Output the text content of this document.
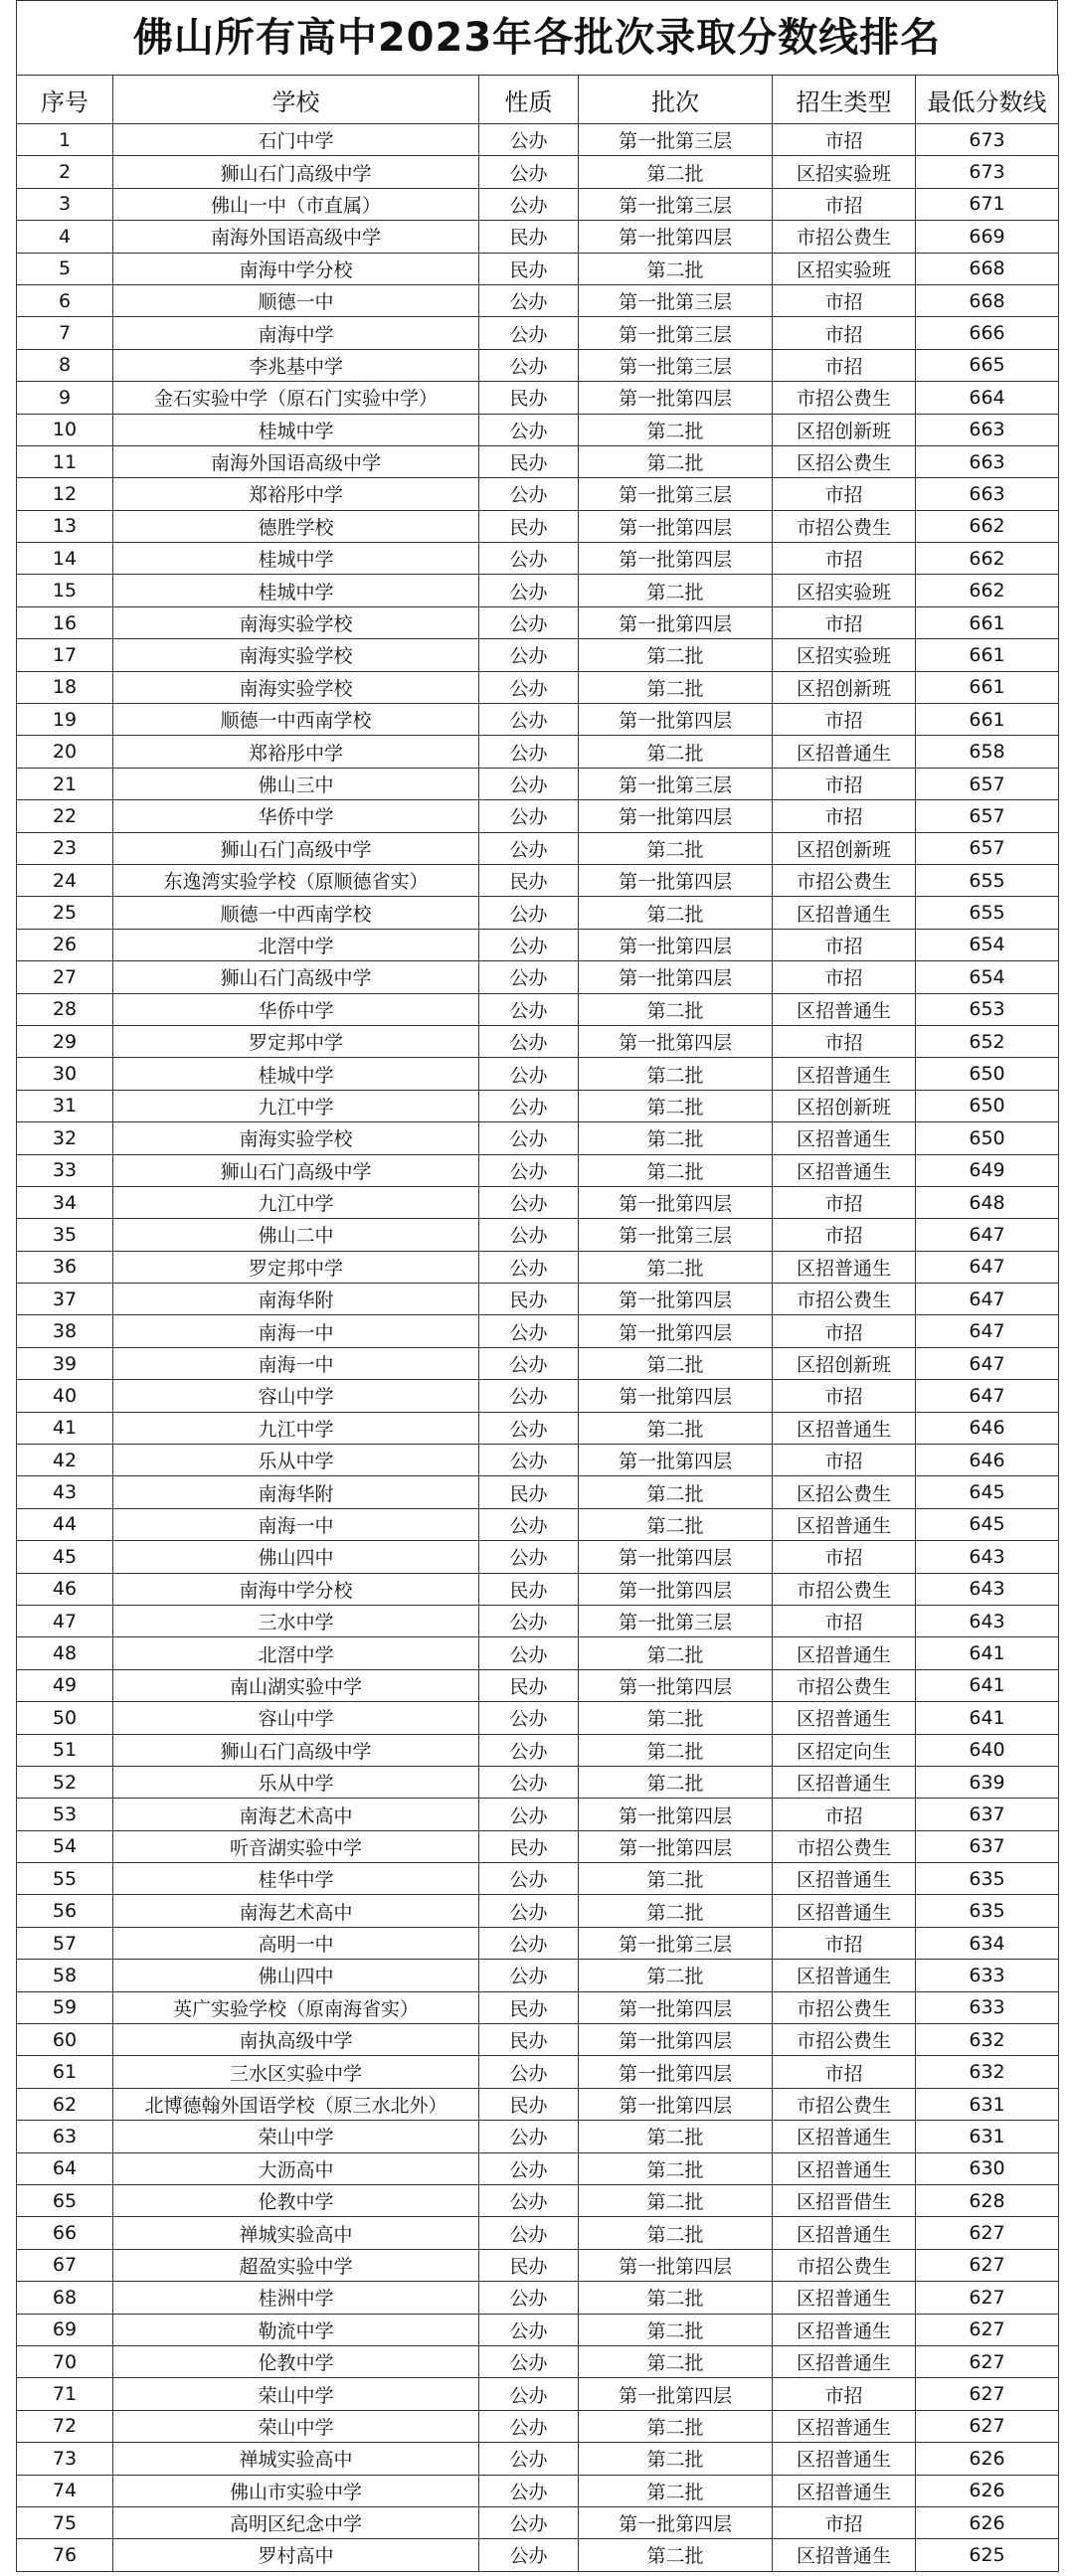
佛山所有高中2023年各批次录取分数线排名
序号	学校	性质	批次	招生类型	最低分数线
1	石门中学	公办	第一批第三层	市招	673
2	狮山石门高级中学	公办	第二批	区招实验班	673
3	佛山一中（市直属）	公办	第一批第三层	市招	671
4	南海外国语高级中学	民办	第一批第四层	市招公费生	669
5	南海中学分校	民办	第二批	区招实验班	668
6	顺德一中	公办	第一批第三层	市招	668
7	南海中学	公办	第一批第三层	市招	666
8	李兆基中学	公办	第一批第三层	市招	665
9	金石实验中学（原石门实验中学）	民办	第一批第四层	市招公费生	664
10	桂城中学	公办	第二批	区招创新班	663
11	南海外国语高级中学	民办	第二批	区招公费生	663
12	郑裕彤中学	公办	第一批第三层	市招	663
13	德胜学校	民办	第一批第四层	市招公费生	662
14	桂城中学	公办	第一批第四层	市招	662
15	桂城中学	公办	第二批	区招实验班	662
16	南海实验学校	公办	第一批第四层	市招	661
17	南海实验学校	公办	第二批	区招实验班	661
18	南海实验学校	公办	第二批	区招创新班	661
19	顺德一中西南学校	公办	第一批第四层	市招	661
20	郑裕彤中学	公办	第二批	区招普通生	658
21	佛山三中	公办	第一批第三层	市招	657
22	华侨中学	公办	第一批第四层	市招	657
23	狮山石门高级中学	公办	第二批	区招创新班	657
24	东逸湾实验学校（原顺德省实）	民办	第一批第四层	市招公费生	655
25	顺德一中西南学校	公办	第二批	区招普通生	655
26	北滘中学	公办	第一批第四层	市招	654
27	狮山石门高级中学	公办	第一批第四层	市招	654
28	华侨中学	公办	第二批	区招普通生	653
29	罗定邦中学	公办	第一批第四层	市招	652
30	桂城中学	公办	第二批	区招普通生	650
31	九江中学	公办	第二批	区招创新班	650
32	南海实验学校	公办	第二批	区招普通生	650
33	狮山石门高级中学	公办	第二批	区招普通生	649
34	九江中学	公办	第一批第四层	市招	648
35	佛山二中	公办	第一批第三层	市招	647
36	罗定邦中学	公办	第二批	区招普通生	647
37	南海华附	民办	第一批第四层	市招公费生	647
38	南海一中	公办	第一批第四层	市招	647
39	南海一中	公办	第二批	区招创新班	647
40	容山中学	公办	第一批第四层	市招	647
41	九江中学	公办	第二批	区招普通生	646
42	乐从中学	公办	第一批第四层	市招	646
43	南海华附	民办	第二批	区招公费生	645
44	南海一中	公办	第二批	区招普通生	645
45	佛山四中	公办	第一批第四层	市招	643
46	南海中学分校	民办	第一批第四层	市招公费生	643
47	三水中学	公办	第一批第三层	市招	643
48	北滘中学	公办	第二批	区招普通生	641
49	南山湖实验中学	民办	第一批第四层	市招公费生	641
50	容山中学	公办	第二批	区招普通生	641
51	狮山石门高级中学	公办	第二批	区招定向生	640
52	乐从中学	公办	第二批	区招普通生	639
53	南海艺术高中	公办	第一批第四层	市招	637
54	听音湖实验中学	民办	第一批第四层	市招公费生	637
55	桂华中学	公办	第二批	区招普通生	635
56	南海艺术高中	公办	第二批	区招普通生	635
57	高明一中	公办	第一批第三层	市招	634
58	佛山四中	公办	第二批	区招普通生	633
59	英广实验学校（原南海省实）	民办	第一批第四层	市招公费生	633
60	南执高级中学	民办	第一批第四层	市招公费生	632
61	三水区实验中学	公办	第一批第四层	市招	632
62	北博德翰外国语学校（原三水北外）	民办	第一批第四层	市招公费生	631
63	荣山中学	公办	第二批	区招普通生	631
64	大沥高中	公办	第二批	区招普通生	630
65	伦教中学	公办	第二批	区招晋借生	628
66	禅城实验高中	公办	第二批	区招普通生	627
67	超盈实验中学	民办	第一批第四层	市招公费生	627
68	桂洲中学	公办	第二批	区招普通生	627
69	勒流中学	公办	第二批	区招普通生	627
70	伦教中学	公办	第二批	区招普通生	627
71	荣山中学	公办	第一批第四层	市招	627
72	荣山中学	公办	第二批	区招普通生	627
73	禅城实验高中	公办	第二批	区招普通生	626
74	佛山市实验中学	公办	第二批	区招普通生	626
75	高明区纪念中学	公办	第一批第四层	市招	626
76	罗村高中	公办	第二批	区招普通生	625
